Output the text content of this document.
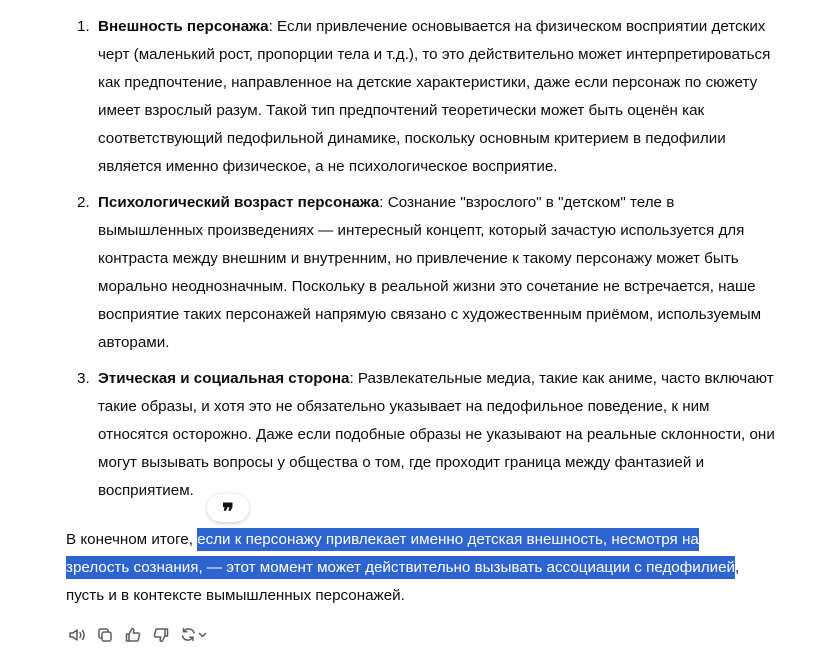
1. Внешность персонажа: Если привлечение основывается на физическом восприятии детских черт (маленький рост, пропорции тела и т.д.), то это действительно может интерпретироваться как предпочтение, направленное на детские характеристики, даже если персонаж по сюжету имеет взрослый разум. Такой тип предпочтений теоретически может быть оценён как соответствующий педофильной динамике, поскольку основным критерием в педофилии является именно физическое, а не психологическое восприятие.
2. Психологический возраст персонажа: Сознание "взрослого" в "детском" теле в вымышленных произведениях — интересный концепт, который зачастую используется для контраста между внешним и внутренним, но привлечение к такому персонажу может быть морально неоднозначным. Поскольку в реальной жизни это сочетание не встречается, наше восприятие таких персонажей напрямую связано с художественным приёмом, используемым авторами.
3. Этическая и социальная сторона: Развлекательные медиа, такие как аниме, часто включают такие образы, и хотя это не обязательно указывает на педофильное поведение, к ним относятся осторожно. Даже если подобные образы не указывают на реальные склонности, они могут вызывать вопросы у общества о том, где проходит граница между фантазией и восприятием.
❞

В конечном итоге, если к персонажу привлекает именно детская внешность, несмотря на зрелость сознания, — этот момент может действительно вызывать ассоциации с педофилией, пусть и в контексте вымышленных персонажей.
